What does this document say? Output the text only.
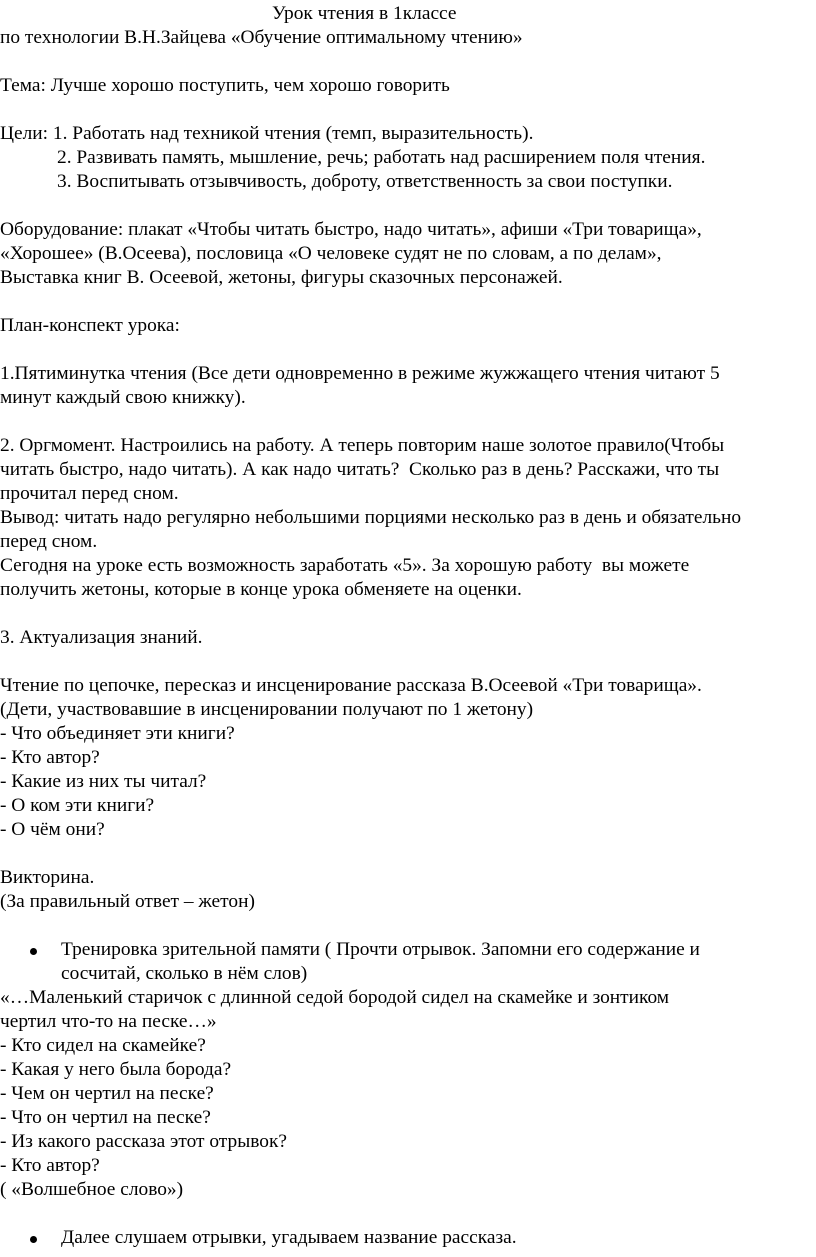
Урок чтения в 1классе
по технологии В.Н.Зайцева «Обучение оптимальному чтению»
Тема: Лучше хорошо поступить, чем хорошо говорить
Цели: 1. Работать над техникой чтения (темп, выразительность).
2. Развивать память, мышление, речь; работать над расширением поля чтения.
3. Воспитывать отзывчивость, доброту, ответственность за свои поступки.
Оборудование: плакат «Чтобы читать быстро, надо читать», афиши «Три товарища»,
«Хорошее» (В.Осеева), пословица «О человеке судят не по словам, а по делам»,
Выставка книг В. Осеевой, жетоны, фигуры сказочных персонажей.
План-конспект урока:
1.Пятиминутка чтения (Все дети одновременно в режиме жужжащего чтения читают 5
минут каждый свою книжку).
2. Оргмомент. Настроились на работу. А теперь повторим наше золотое правило(Чтобы
читать быстро, надо читать). А как надо читать?  Сколько раз в день? Расскажи, что ты
прочитал перед сном.
Вывод: читать надо регулярно небольшими порциями несколько раз в день и обязательно
перед сном.
Сегодня на уроке есть возможность заработать «5». За хорошую работу  вы можете
получить жетоны, которые в конце урока обменяете на оценки.
3. Актуализация знаний.
Чтение по цепочке, пересказ и инсценирование рассказа В.Осеевой «Три товарища».
(Дети, участвовавшие в инсценировании получают по 1 жетону)
- Что объединяет эти книги?
- Кто автор?
- Какие из них ты читал?
- О ком эти книги?
- О чём они?
Викторина.
(За правильный ответ – жетон)
Тренировка зрительной памяти ( Прочти отрывок. Запомни его содержание и
сосчитай, сколько в нём слов)
«…Маленький старичок с длинной седой бородой сидел на скамейке и зонтиком
чертил что-то на песке…»
- Кто сидел на скамейке?
- Какая у него была борода?
- Чем он чертил на песке?
- Что он чертил на песке?
- Из какого рассказа этот отрывок?
- Кто автор?
( «Волшебное слово»)
Далее слушаем отрывки, угадываем название рассказа.
